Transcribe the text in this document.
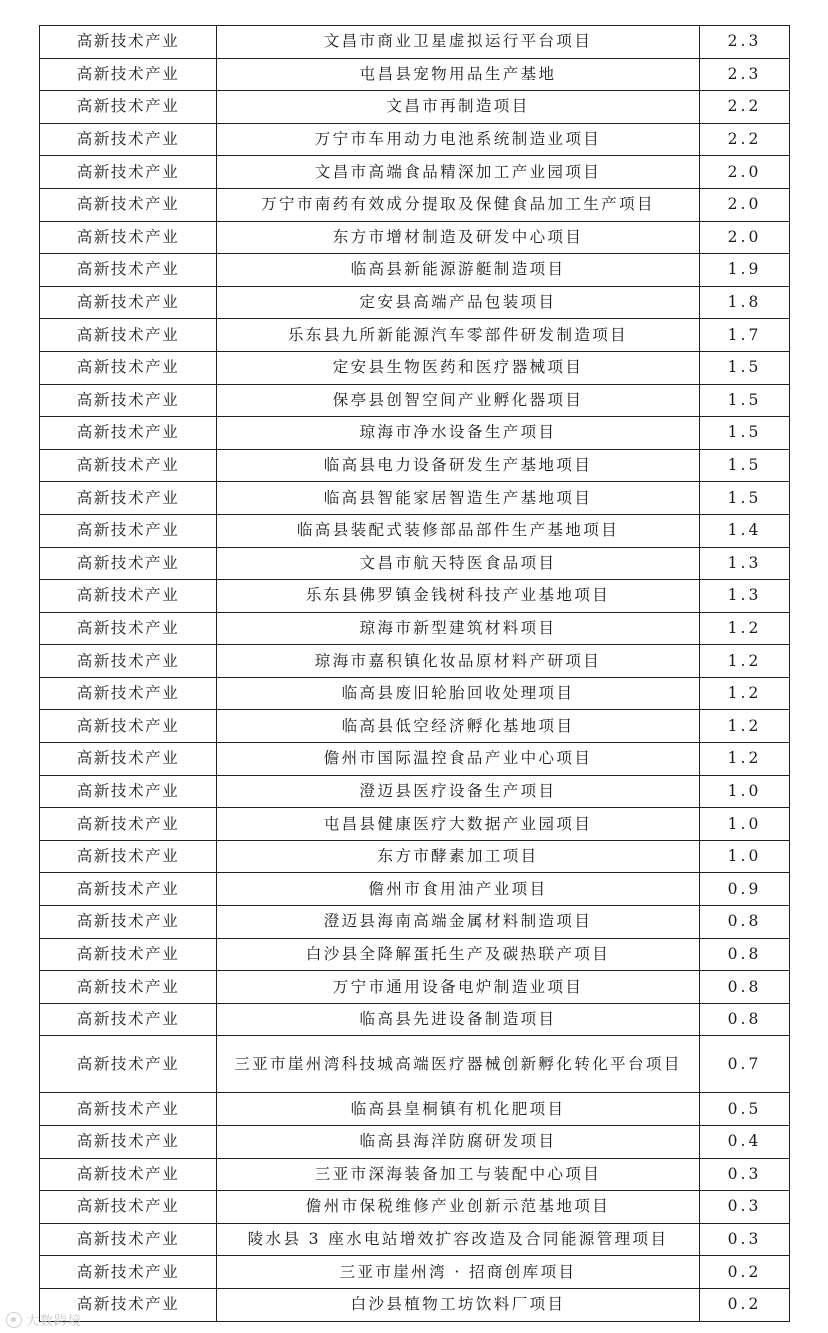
高新技术产业	文昌市商业卫星虚拟运行平台项目	2.3
高新技术产业	屯昌县宠物用品生产基地	2.3
高新技术产业	文昌市再制造项目	2.2
高新技术产业	万宁市车用动力电池系统制造业项目	2.2
高新技术产业	文昌市高端食品精深加工产业园项目	2.0
高新技术产业	万宁市南药有效成分提取及保健食品加工生产项目	2.0
高新技术产业	东方市增材制造及研发中心项目	2.0
高新技术产业	临高县新能源游艇制造项目	1.9
高新技术产业	定安县高端产品包装项目	1.8
高新技术产业	乐东县九所新能源汽车零部件研发制造项目	1.7
高新技术产业	定安县生物医药和医疗器械项目	1.5
高新技术产业	保亭县创智空间产业孵化器项目	1.5
高新技术产业	琼海市净水设备生产项目	1.5
高新技术产业	临高县电力设备研发生产基地项目	1.5
高新技术产业	临高县智能家居智造生产基地项目	1.5
高新技术产业	临高县装配式装修部品部件生产基地项目	1.4
高新技术产业	文昌市航天特医食品项目	1.3
高新技术产业	乐东县佛罗镇金钱树科技产业基地项目	1.3
高新技术产业	琼海市新型建筑材料项目	1.2
高新技术产业	琼海市嘉积镇化妆品原材料产研项目	1.2
高新技术产业	临高县废旧轮胎回收处理项目	1.2
高新技术产业	临高县低空经济孵化基地项目	1.2
高新技术产业	儋州市国际温控食品产业中心项目	1.2
高新技术产业	澄迈县医疗设备生产项目	1.0
高新技术产业	屯昌县健康医疗大数据产业园项目	1.0
高新技术产业	东方市酵素加工项目	1.0
高新技术产业	儋州市食用油产业项目	0.9
高新技术产业	澄迈县海南高端金属材料制造项目	0.8
高新技术产业	白沙县全降解蛋托生产及碳热联产项目	0.8
高新技术产业	万宁市通用设备电炉制造业项目	0.8
高新技术产业	临高县先进设备制造项目	0.8
高新技术产业	三亚市崖州湾科技城高端医疗器械创新孵化转化平台项目	0.7
高新技术产业	临高县皇桐镇有机化肥项目	0.5
高新技术产业	临高县海洋防腐研发项目	0.4
高新技术产业	三亚市深海装备加工与装配中心项目	0.3
高新技术产业	儋州市保税维修产业创新示范基地项目	0.3
高新技术产业	陵水县 3 座水电站增效扩容改造及合同能源管理项目	0.3
高新技术产业	三亚市崖州湾 · 招商创库项目	0.2
高新技术产业	白沙县植物工坊饮料厂项目	0.2
大数跨境
